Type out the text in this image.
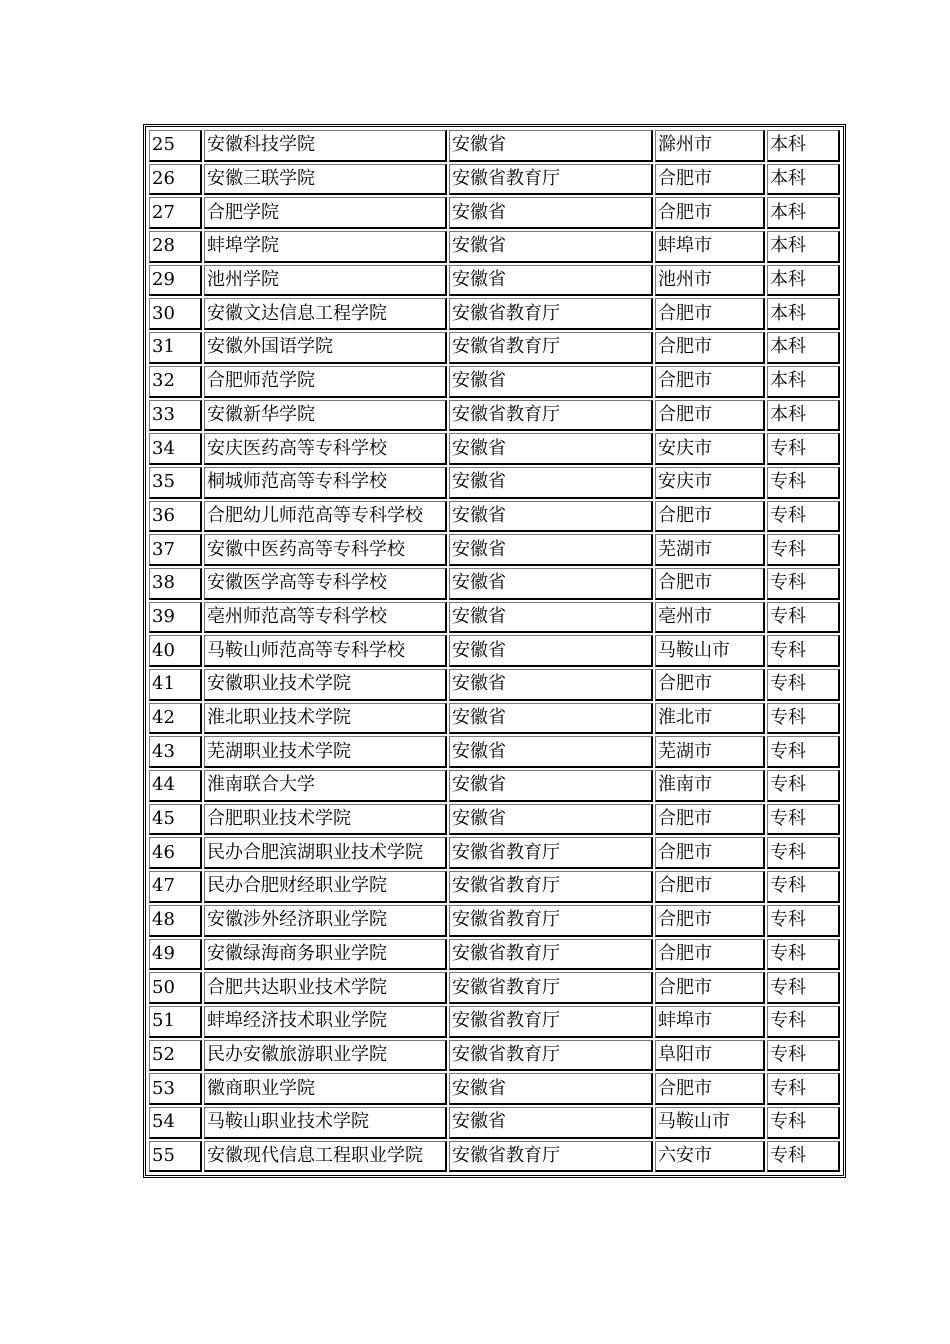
25	安徽科技学院	安徽省	滁州市	本科
26	安徽三联学院	安徽省教育厅	合肥市	本科
27	合肥学院	安徽省	合肥市	本科
28	蚌埠学院	安徽省	蚌埠市	本科
29	池州学院	安徽省	池州市	本科
30	安徽文达信息工程学院	安徽省教育厅	合肥市	本科
31	安徽外国语学院	安徽省教育厅	合肥市	本科
32	合肥师范学院	安徽省	合肥市	本科
33	安徽新华学院	安徽省教育厅	合肥市	本科
34	安庆医药高等专科学校	安徽省	安庆市	专科
35	桐城师范高等专科学校	安徽省	安庆市	专科
36	合肥幼儿师范高等专科学校	安徽省	合肥市	专科
37	安徽中医药高等专科学校	安徽省	芜湖市	专科
38	安徽医学高等专科学校	安徽省	合肥市	专科
39	亳州师范高等专科学校	安徽省	亳州市	专科
40	马鞍山师范高等专科学校	安徽省	马鞍山市	专科
41	安徽职业技术学院	安徽省	合肥市	专科
42	淮北职业技术学院	安徽省	淮北市	专科
43	芜湖职业技术学院	安徽省	芜湖市	专科
44	淮南联合大学	安徽省	淮南市	专科
45	合肥职业技术学院	安徽省	合肥市	专科
46	民办合肥滨湖职业技术学院	安徽省教育厅	合肥市	专科
47	民办合肥财经职业学院	安徽省教育厅	合肥市	专科
48	安徽涉外经济职业学院	安徽省教育厅	合肥市	专科
49	安徽绿海商务职业学院	安徽省教育厅	合肥市	专科
50	合肥共达职业技术学院	安徽省教育厅	合肥市	专科
51	蚌埠经济技术职业学院	安徽省教育厅	蚌埠市	专科
52	民办安徽旅游职业学院	安徽省教育厅	阜阳市	专科
53	徽商职业学院	安徽省	合肥市	专科
54	马鞍山职业技术学院	安徽省	马鞍山市	专科
55	安徽现代信息工程职业学院	安徽省教育厅	六安市	专科
